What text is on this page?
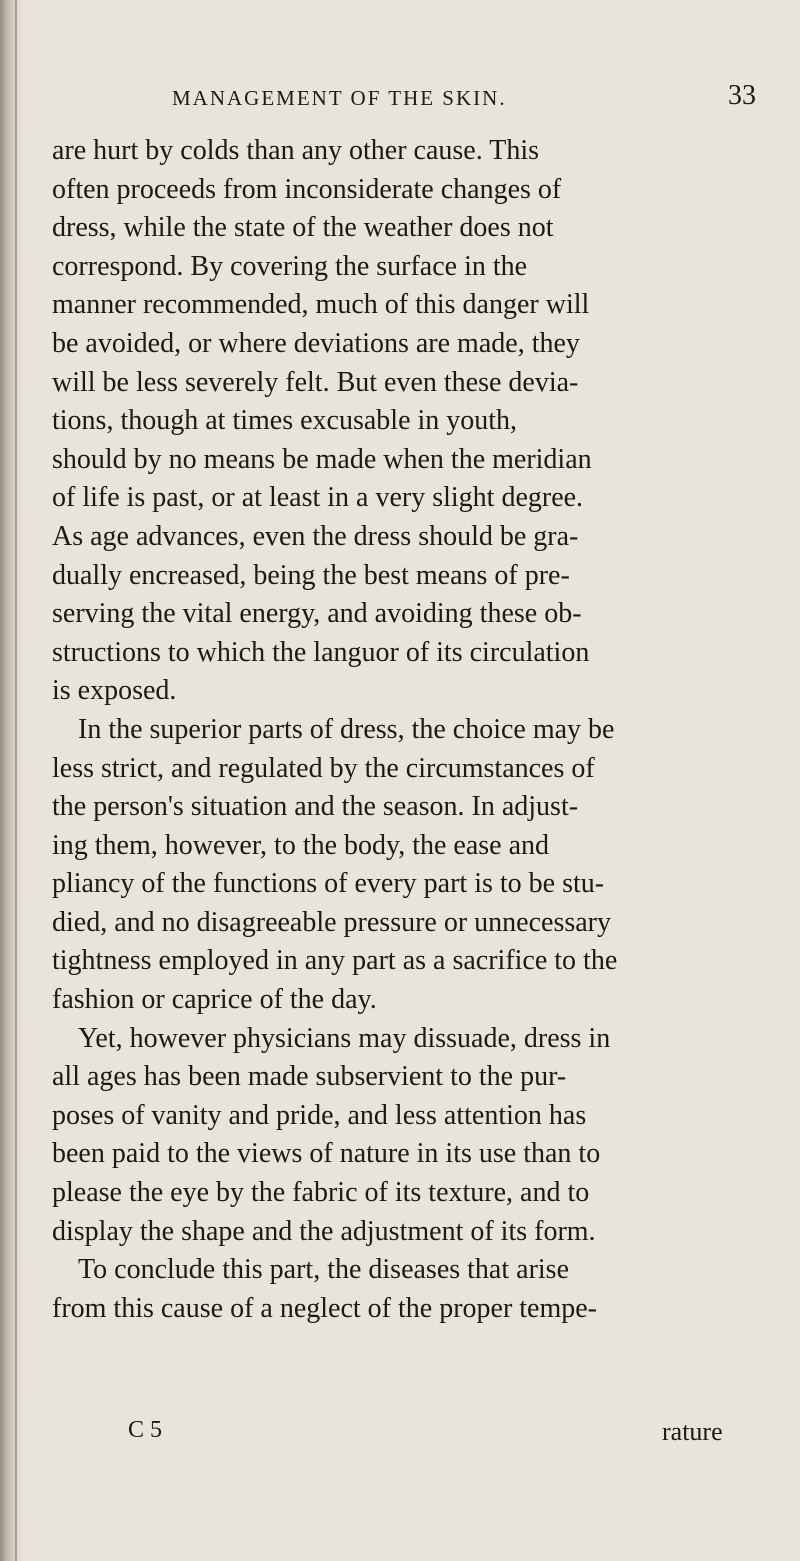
MANAGEMENT OF THE SKIN.	33
are hurt by colds than any other cause. This
often proceeds from inconsiderate changes of
dress, while the state of the weather does not
correspond. By covering the surface in the
manner recommended, much of this danger will
be avoided, or where deviations are made, they
will be less severely felt. But even these devia-
tions, though at times excusable in youth,
should by no means be made when the meridian
of life is past, or at least in a very slight degree.
As age advances, even the dress should be gra-
dually encreased, being the best means of pre-
serving the vital energy, and avoiding these ob-
structions to which the languor of its circulation
is exposed.
In the superior parts of dress, the choice may be
less strict, and regulated by the circumstances of
the person's situation and the season. In adjust-
ing them, however, to the body, the ease and
pliancy of the functions of every part is to be stu-
died, and no disagreeable pressure or unnecessary
tightness employed in any part as a sacrifice to the
fashion or caprice of the day.
Yet, however physicians may dissuade, dress in
all ages has been made subservient to the pur-
poses of vanity and pride, and less attention has
been paid to the views of nature in its use than to
please the eye by the fabric of its texture, and to
display the shape and the adjustment of its form.
To conclude this part, the diseases that arise
from this cause of a neglect of the proper tempe-
C 5	rature
